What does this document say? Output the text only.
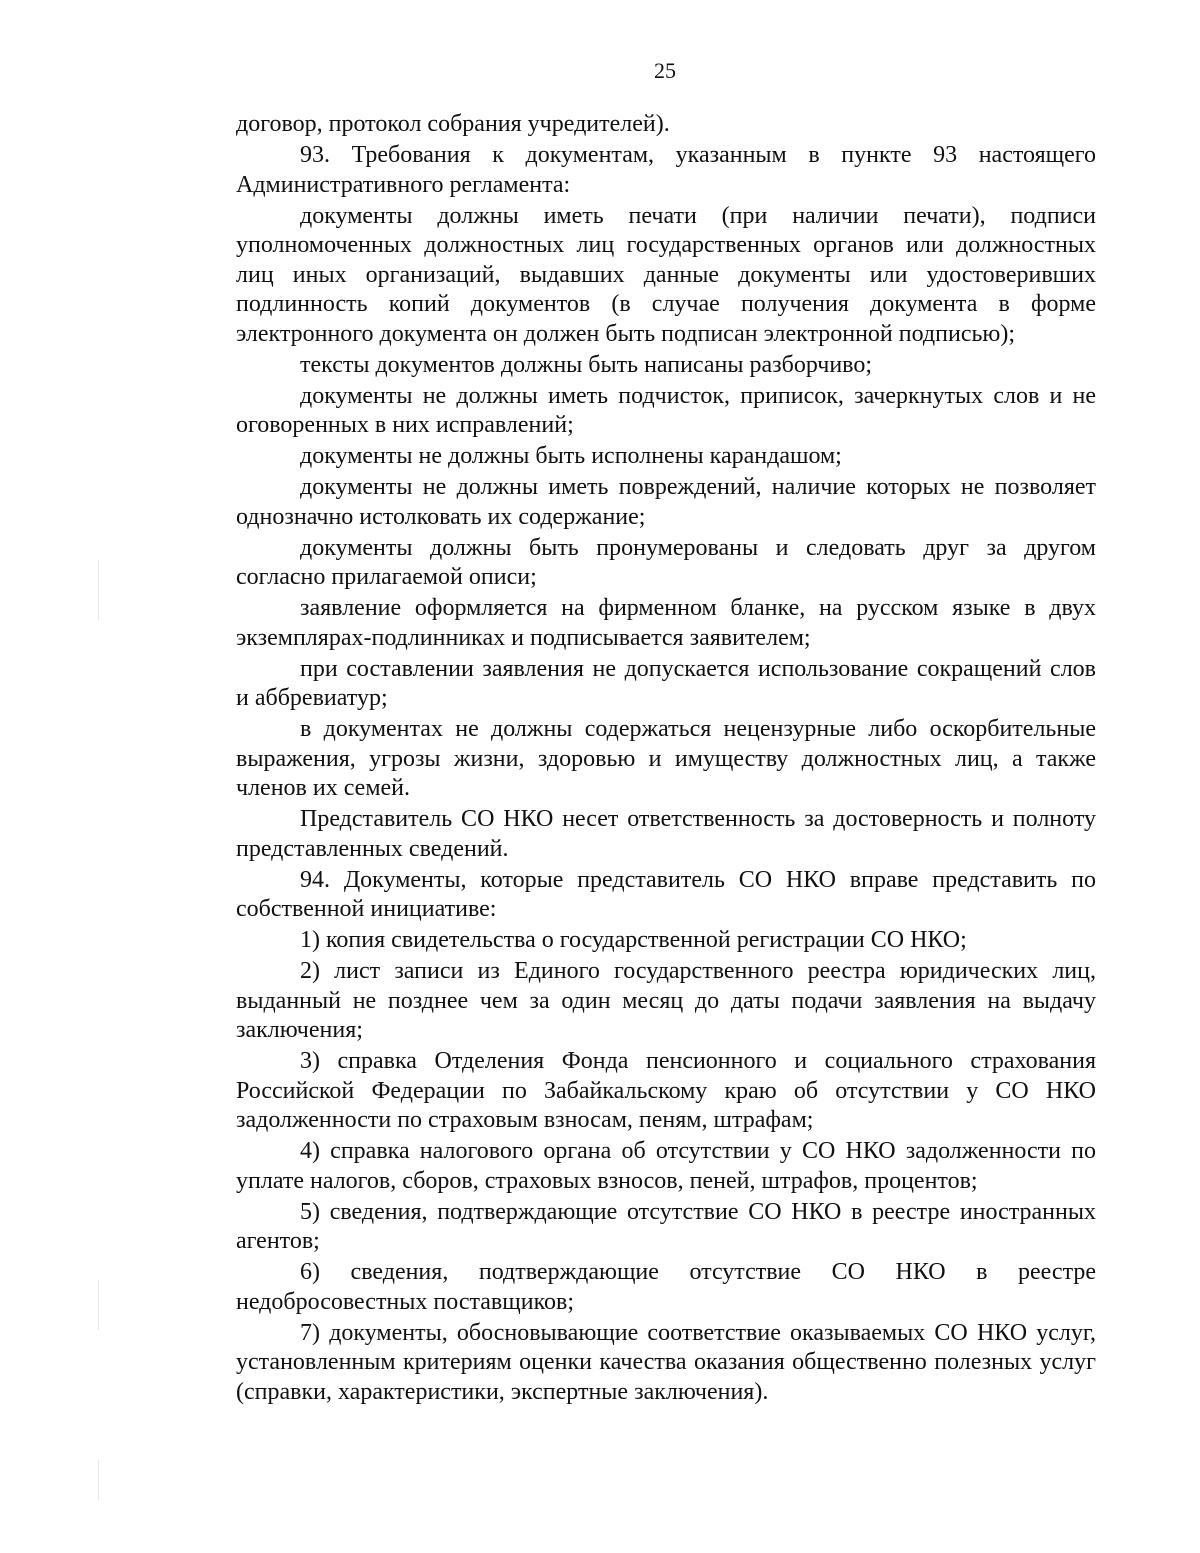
25

договор, протокол собрания учредителей).

93. Требования к документам, указанным в пункте 93 настоящего Административного регламента:

документы должны иметь печати (при наличии печати), подписи уполномоченных должностных лиц государственных органов или должностных лиц иных организаций, выдавших данные документы или удостоверивших подлинность копий документов (в случае получения документа в форме электронного документа он должен быть подписан электронной подписью);

тексты документов должны быть написаны разборчиво;

документы не должны иметь подчисток, приписок, зачеркнутых слов и не оговоренных в них исправлений;

документы не должны быть исполнены карандашом;

документы не должны иметь повреждений, наличие которых не позволяет однозначно истолковать их содержание;

документы должны быть пронумерованы и следовать друг за другом согласно прилагаемой описи;

заявление оформляется на фирменном бланке, на русском языке в двух экземплярах-подлинниках и подписывается заявителем;

при составлении заявления не допускается использование сокращений слов и аббревиатур;

в документах не должны содержаться нецензурные либо оскорбительные выражения, угрозы жизни, здоровью и имуществу должностных лиц, а также членов их семей.

Представитель СО НКО несет ответственность за достоверность и полноту представленных сведений.

94. Документы, которые представитель СО НКО вправе представить по собственной инициативе:

1) копия свидетельства о государственной регистрации СО НКО;

2) лист записи из Единого государственного реестра юридических лиц, выданный не позднее чем за один месяц до даты подачи заявления на выдачу заключения;

3) справка Отделения Фонда пенсионного и социального страхования Российской Федерации по Забайкальскому краю об отсутствии у СО НКО задолженности по страховым взносам, пеням, штрафам;

4) справка налогового органа об отсутствии у СО НКО задолженности по уплате налогов, сборов, страховых взносов, пеней, штрафов, процентов;

5) сведения, подтверждающие отсутствие СО НКО в реестре иностранных агентов;

6) сведения, подтверждающие отсутствие СО НКО в реестре недобросовестных поставщиков;

7) документы, обосновывающие соответствие оказываемых СО НКО услуг, установленным критериям оценки качества оказания общественно полезных услуг (справки, характеристики, экспертные заключения).
